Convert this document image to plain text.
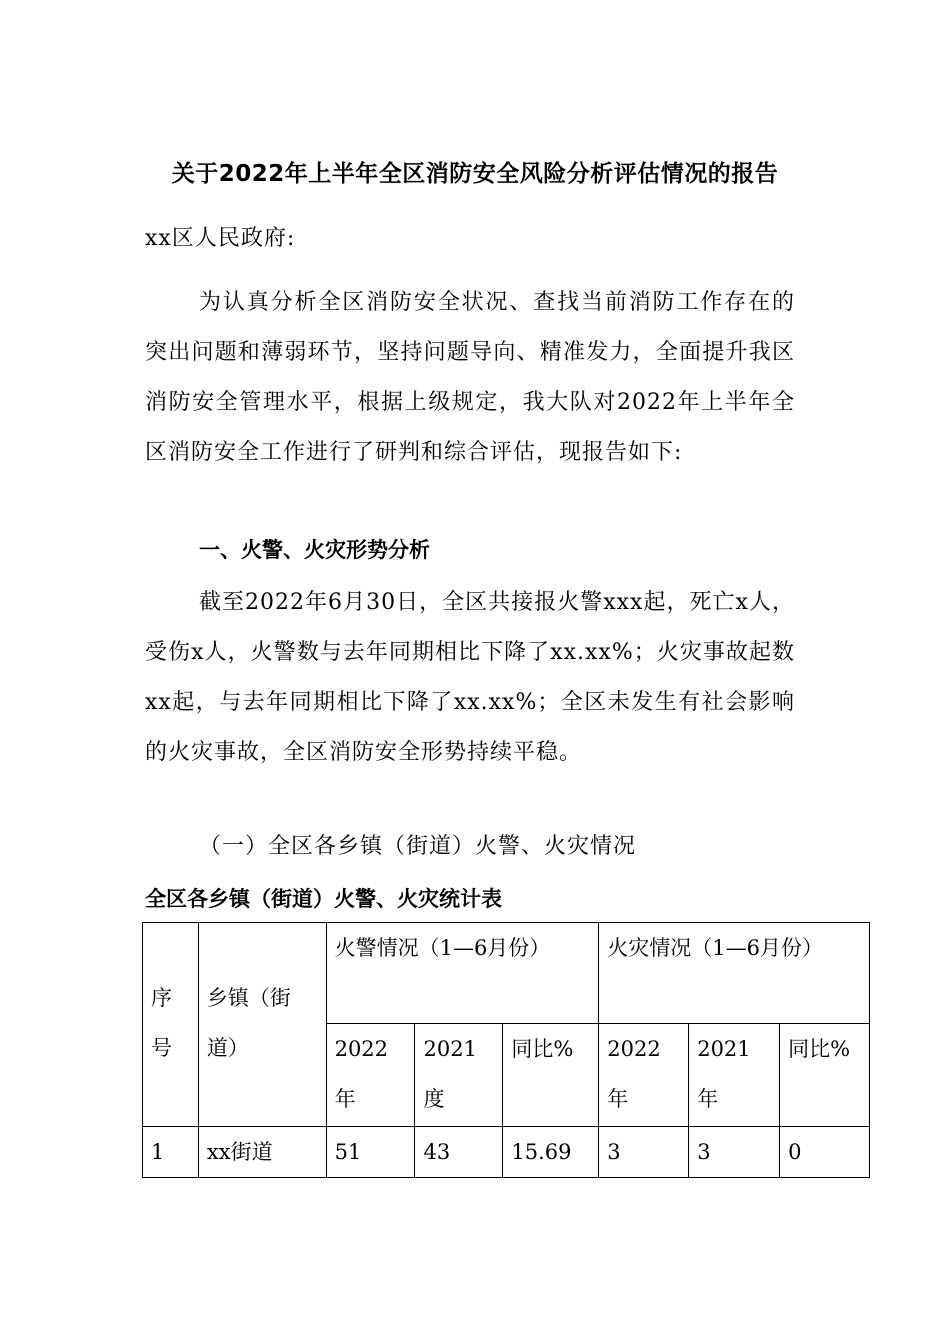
关于2022年上半年全区消防安全风险分析评估情况的报告
xx区人民政府:
为认真分析全区消防安全状况、查找当前消防工作存在的突出问题和薄弱环节，坚持问题导向、精准发力，全面提升我区消防安全管理水平，根据上级规定，我大队对2022年上半年全区消防安全工作进行了研判和综合评估，现报告如下:
一、火警、火灾形势分析
截至2022年6月30日，全区共接报火警xxx起，死亡x人，受伤x人，火警数与去年同期相比下降了xx.xx%；火灾事故起数xx起，与去年同期相比下降了xx.xx%；全区未发生有社会影响的火灾事故，全区消防安全形势持续平稳。
（一）全区各乡镇（街道）火警、火灾情况
全区各乡镇（街道）火警、火灾统计表
序号	乡镇（街道）	火警情况（1—6月份）			火灾情况（1—6月份）		
		2022年	2021度	同比%	2022年	2021年	同比%
1	xx街道	51	43	15.69	3	3	0
